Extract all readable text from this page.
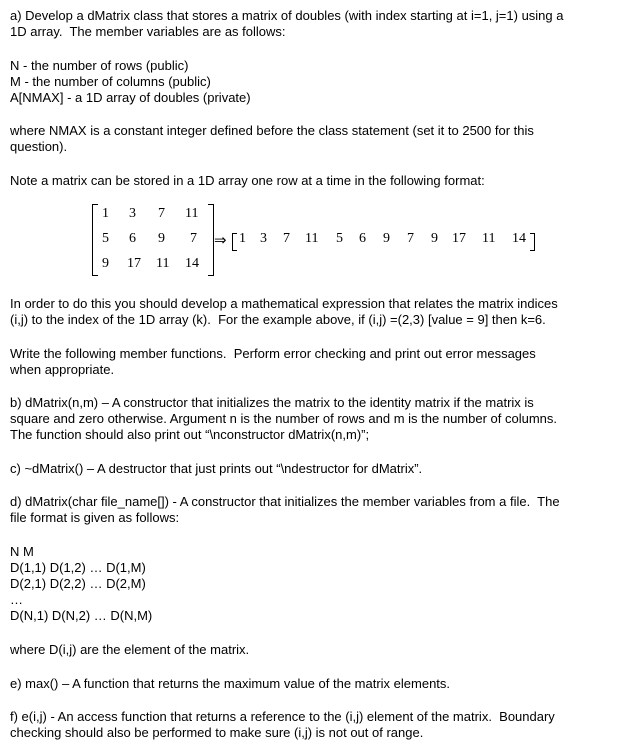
a) Develop a dMatrix class that stores a matrix of doubles (with index starting at i=1, j=1) using a
1D array.  The member variables are as follows:
N - the number of rows (public)
M - the number of columns (public)
A[NMAX] - a 1D array of doubles (private)
where NMAX is a constant integer defined before the class statement (set it to 2500 for this
question).
Note a matrix can be stored in a 1D array one row at a time in the following format:
1 3 7 11
5 6 9 7
9 17 11 14
⇒ 1 3 7 11 5 6 9 7 9 17 11 14
In order to do this you should develop a mathematical expression that relates the matrix indices
(i,j) to the index of the 1D array (k).  For the example above, if (i,j) =(2,3) [value = 9] then k=6.
Write the following member functions.  Perform error checking and print out error messages
when appropriate.
b) dMatrix(n,m) – A constructor that initializes the matrix to the identity matrix if the matrix is
square and zero otherwise. Argument n is the number of rows and m is the number of columns.
The function should also print out “\nconstructor dMatrix(n,m)”;
c) ~dMatrix() – A destructor that just prints out “\ndestructor for dMatrix”.
d) dMatrix(char file_name[]) - A constructor that initializes the member variables from a file.  The
file format is given as follows:
N M
D(1,1) D(1,2) … D(1,M)
D(2,1) D(2,2) … D(2,M)
…
D(N,1) D(N,2) … D(N,M)
where D(i,j) are the element of the matrix.
e) max() – A function that returns the maximum value of the matrix elements.
f) e(i,j) - An access function that returns a reference to the (i,j) element of the matrix.  Boundary
checking should also be performed to make sure (i,j) is not out of range.
